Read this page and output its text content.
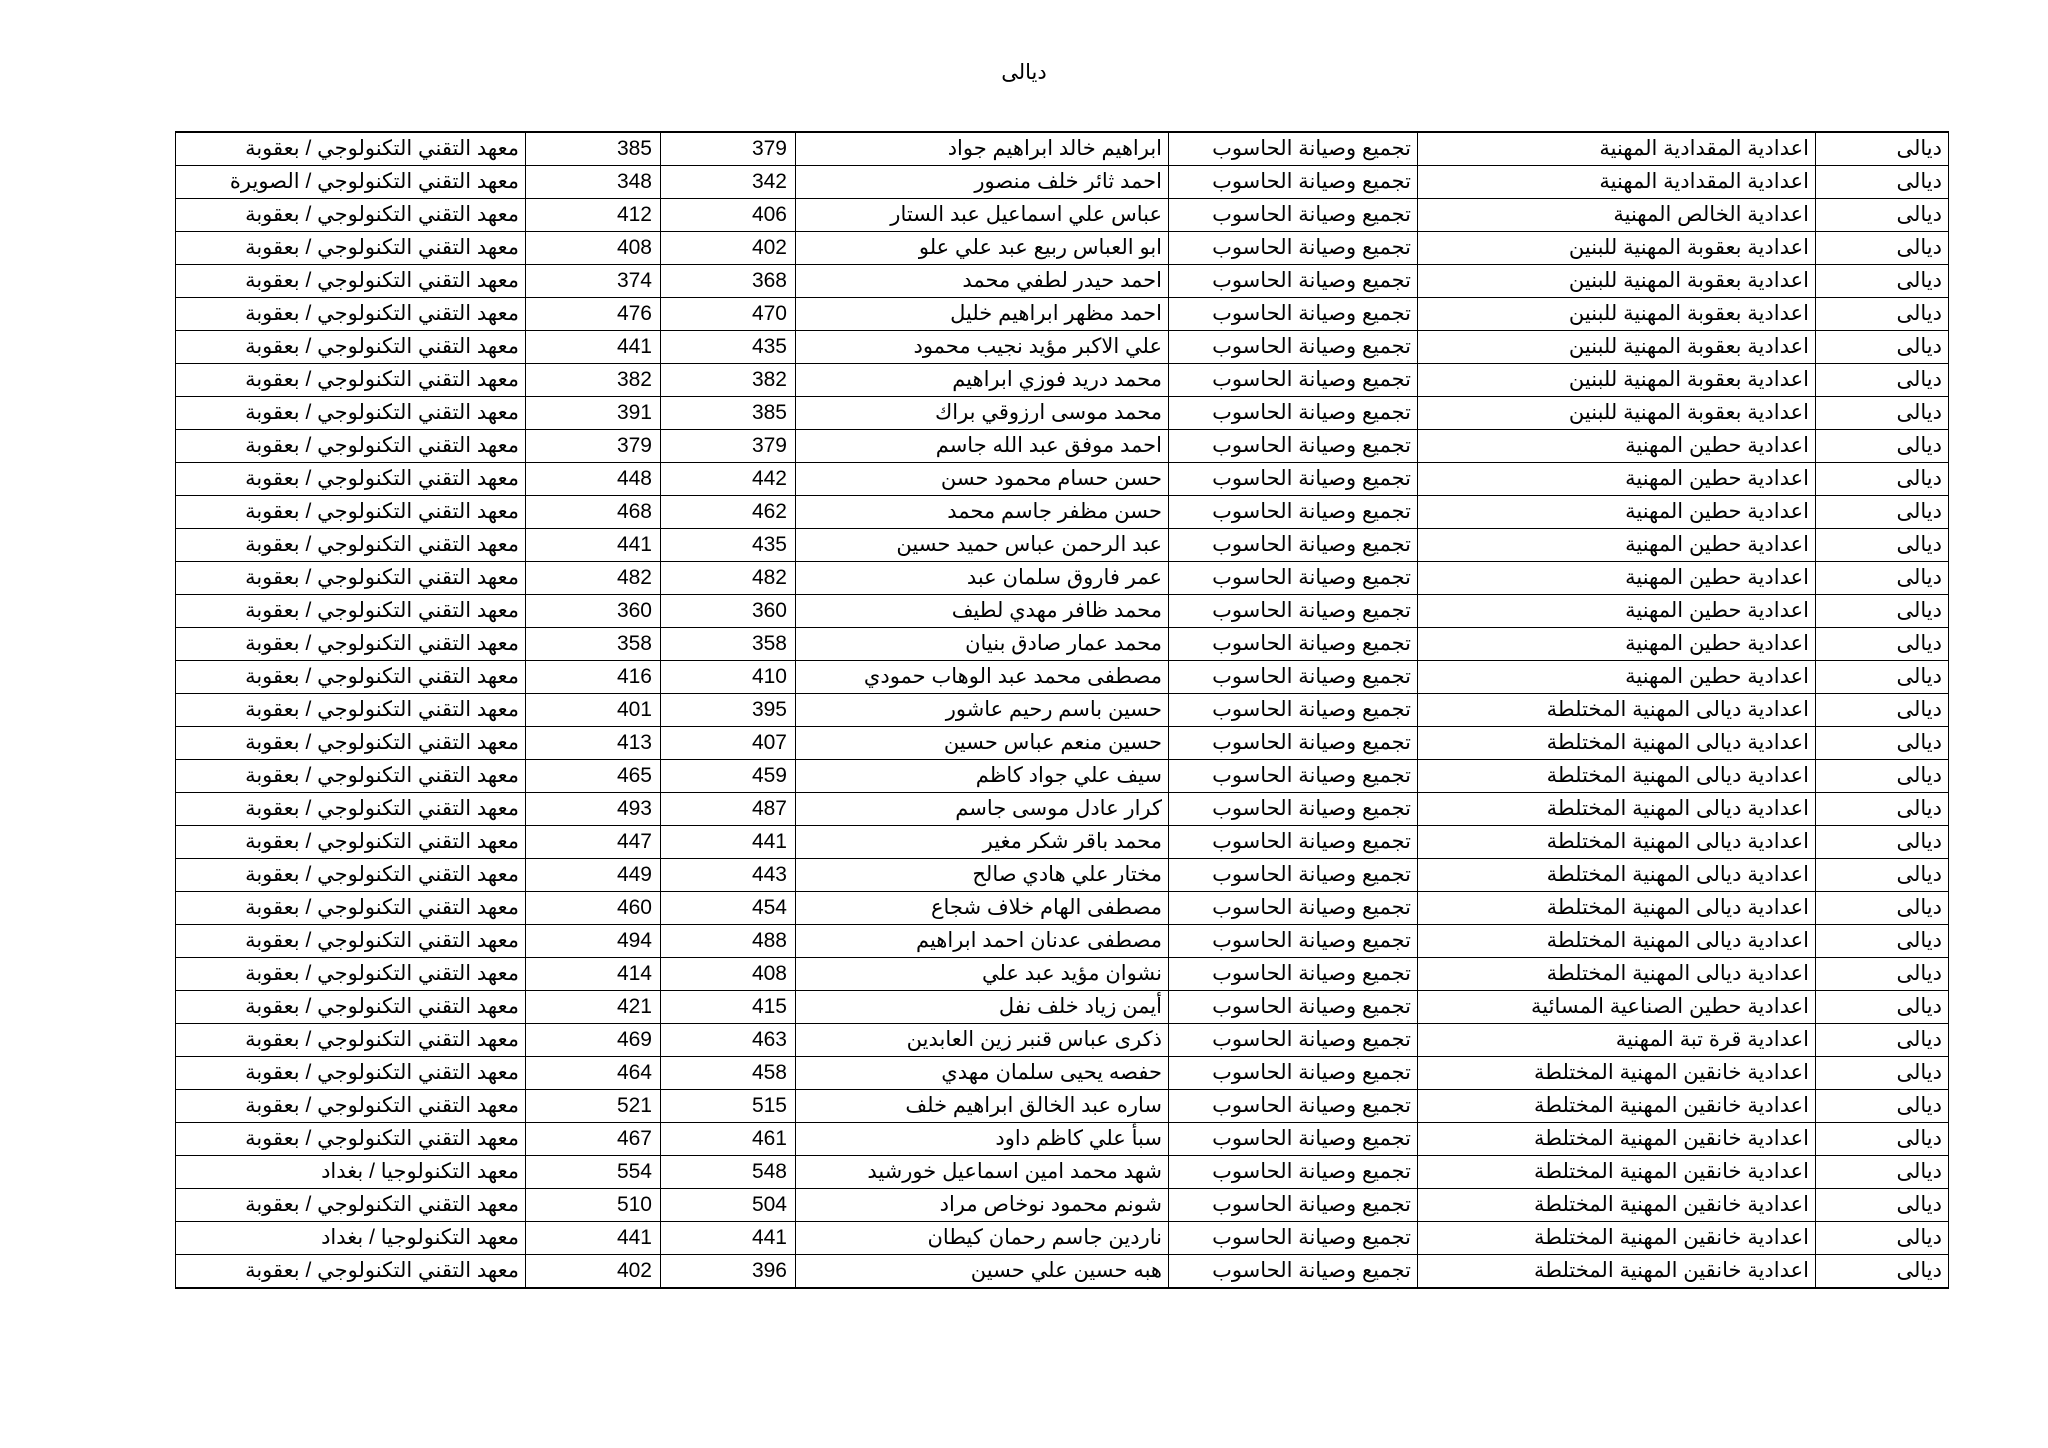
ديالى
ديالى	اعدادية المقدادية المهنية	تجميع وصيانة الحاسوب	ابراهيم خالد ابراهيم جواد	379	385	معهد التقني التكنولوجي / بعقوبة
ديالى	اعدادية المقدادية المهنية	تجميع وصيانة الحاسوب	احمد ثائر خلف منصور	342	348	معهد التقني التكنولوجي / الصويرة
ديالى	اعدادية الخالص المهنية	تجميع وصيانة الحاسوب	عباس علي اسماعيل عبد الستار	406	412	معهد التقني التكنولوجي / بعقوبة
ديالى	اعدادية بعقوبة المهنية للبنين	تجميع وصيانة الحاسوب	ابو العباس ربيع عبد علي علو	402	408	معهد التقني التكنولوجي / بعقوبة
ديالى	اعدادية بعقوبة المهنية للبنين	تجميع وصيانة الحاسوب	احمد حيدر لطفي محمد	368	374	معهد التقني التكنولوجي / بعقوبة
ديالى	اعدادية بعقوبة المهنية للبنين	تجميع وصيانة الحاسوب	احمد مظهر ابراهيم خليل	470	476	معهد التقني التكنولوجي / بعقوبة
ديالى	اعدادية بعقوبة المهنية للبنين	تجميع وصيانة الحاسوب	علي الاكبر مؤيد نجيب محمود	435	441	معهد التقني التكنولوجي / بعقوبة
ديالى	اعدادية بعقوبة المهنية للبنين	تجميع وصيانة الحاسوب	محمد دريد فوزي ابراهيم	382	382	معهد التقني التكنولوجي / بعقوبة
ديالى	اعدادية بعقوبة المهنية للبنين	تجميع وصيانة الحاسوب	محمد موسى ارزوقي براك	385	391	معهد التقني التكنولوجي / بعقوبة
ديالى	اعدادية حطين المهنية	تجميع وصيانة الحاسوب	احمد موفق عبد الله جاسم	379	379	معهد التقني التكنولوجي / بعقوبة
ديالى	اعدادية حطين المهنية	تجميع وصيانة الحاسوب	حسن حسام محمود حسن	442	448	معهد التقني التكنولوجي / بعقوبة
ديالى	اعدادية حطين المهنية	تجميع وصيانة الحاسوب	حسن مظفر جاسم محمد	462	468	معهد التقني التكنولوجي / بعقوبة
ديالى	اعدادية حطين المهنية	تجميع وصيانة الحاسوب	عبد الرحمن عباس حميد حسين	435	441	معهد التقني التكنولوجي / بعقوبة
ديالى	اعدادية حطين المهنية	تجميع وصيانة الحاسوب	عمر فاروق سلمان عبد	482	482	معهد التقني التكنولوجي / بعقوبة
ديالى	اعدادية حطين المهنية	تجميع وصيانة الحاسوب	محمد ظافر مهدي لطيف	360	360	معهد التقني التكنولوجي / بعقوبة
ديالى	اعدادية حطين المهنية	تجميع وصيانة الحاسوب	محمد عمار صادق بنيان	358	358	معهد التقني التكنولوجي / بعقوبة
ديالى	اعدادية حطين المهنية	تجميع وصيانة الحاسوب	مصطفى محمد عبد الوهاب حمودي	410	416	معهد التقني التكنولوجي / بعقوبة
ديالى	اعدادية ديالى المهنية المختلطة	تجميع وصيانة الحاسوب	حسين باسم رحيم عاشور	395	401	معهد التقني التكنولوجي / بعقوبة
ديالى	اعدادية ديالى المهنية المختلطة	تجميع وصيانة الحاسوب	حسين منعم عباس حسين	407	413	معهد التقني التكنولوجي / بعقوبة
ديالى	اعدادية ديالى المهنية المختلطة	تجميع وصيانة الحاسوب	سيف علي جواد كاظم	459	465	معهد التقني التكنولوجي / بعقوبة
ديالى	اعدادية ديالى المهنية المختلطة	تجميع وصيانة الحاسوب	كرار عادل موسى جاسم	487	493	معهد التقني التكنولوجي / بعقوبة
ديالى	اعدادية ديالى المهنية المختلطة	تجميع وصيانة الحاسوب	محمد باقر شكر مغير	441	447	معهد التقني التكنولوجي / بعقوبة
ديالى	اعدادية ديالى المهنية المختلطة	تجميع وصيانة الحاسوب	مختار علي هادي صالح	443	449	معهد التقني التكنولوجي / بعقوبة
ديالى	اعدادية ديالى المهنية المختلطة	تجميع وصيانة الحاسوب	مصطفى الهام خلاف شجاع	454	460	معهد التقني التكنولوجي / بعقوبة
ديالى	اعدادية ديالى المهنية المختلطة	تجميع وصيانة الحاسوب	مصطفى عدنان احمد ابراهيم	488	494	معهد التقني التكنولوجي / بعقوبة
ديالى	اعدادية ديالى المهنية المختلطة	تجميع وصيانة الحاسوب	نشوان مؤيد عبد علي	408	414	معهد التقني التكنولوجي / بعقوبة
ديالى	اعدادية حطين الصناعية المسائية	تجميع وصيانة الحاسوب	أيمن زياد خلف نفل	415	421	معهد التقني التكنولوجي / بعقوبة
ديالى	اعدادية قرة تبة المهنية	تجميع وصيانة الحاسوب	ذكرى عباس قنبر زين العابدين	463	469	معهد التقني التكنولوجي / بعقوبة
ديالى	اعدادية خانقين المهنية المختلطة	تجميع وصيانة الحاسوب	حفصه يحيى سلمان مهدي	458	464	معهد التقني التكنولوجي / بعقوبة
ديالى	اعدادية خانقين المهنية المختلطة	تجميع وصيانة الحاسوب	ساره عبد الخالق ابراهيم خلف	515	521	معهد التقني التكنولوجي / بعقوبة
ديالى	اعدادية خانقين المهنية المختلطة	تجميع وصيانة الحاسوب	سبأ علي كاظم داود	461	467	معهد التقني التكنولوجي / بعقوبة
ديالى	اعدادية خانقين المهنية المختلطة	تجميع وصيانة الحاسوب	شهد محمد امين اسماعيل خورشيد	548	554	معهد التكنولوجيا / بغداد
ديالى	اعدادية خانقين المهنية المختلطة	تجميع وصيانة الحاسوب	شونم محمود نوخاص مراد	504	510	معهد التقني التكنولوجي / بعقوبة
ديالى	اعدادية خانقين المهنية المختلطة	تجميع وصيانة الحاسوب	ناردين جاسم رحمان كيطان	441	441	معهد التكنولوجيا / بغداد
ديالى	اعدادية خانقين المهنية المختلطة	تجميع وصيانة الحاسوب	هبه حسين علي حسين	396	402	معهد التقني التكنولوجي / بعقوبة
